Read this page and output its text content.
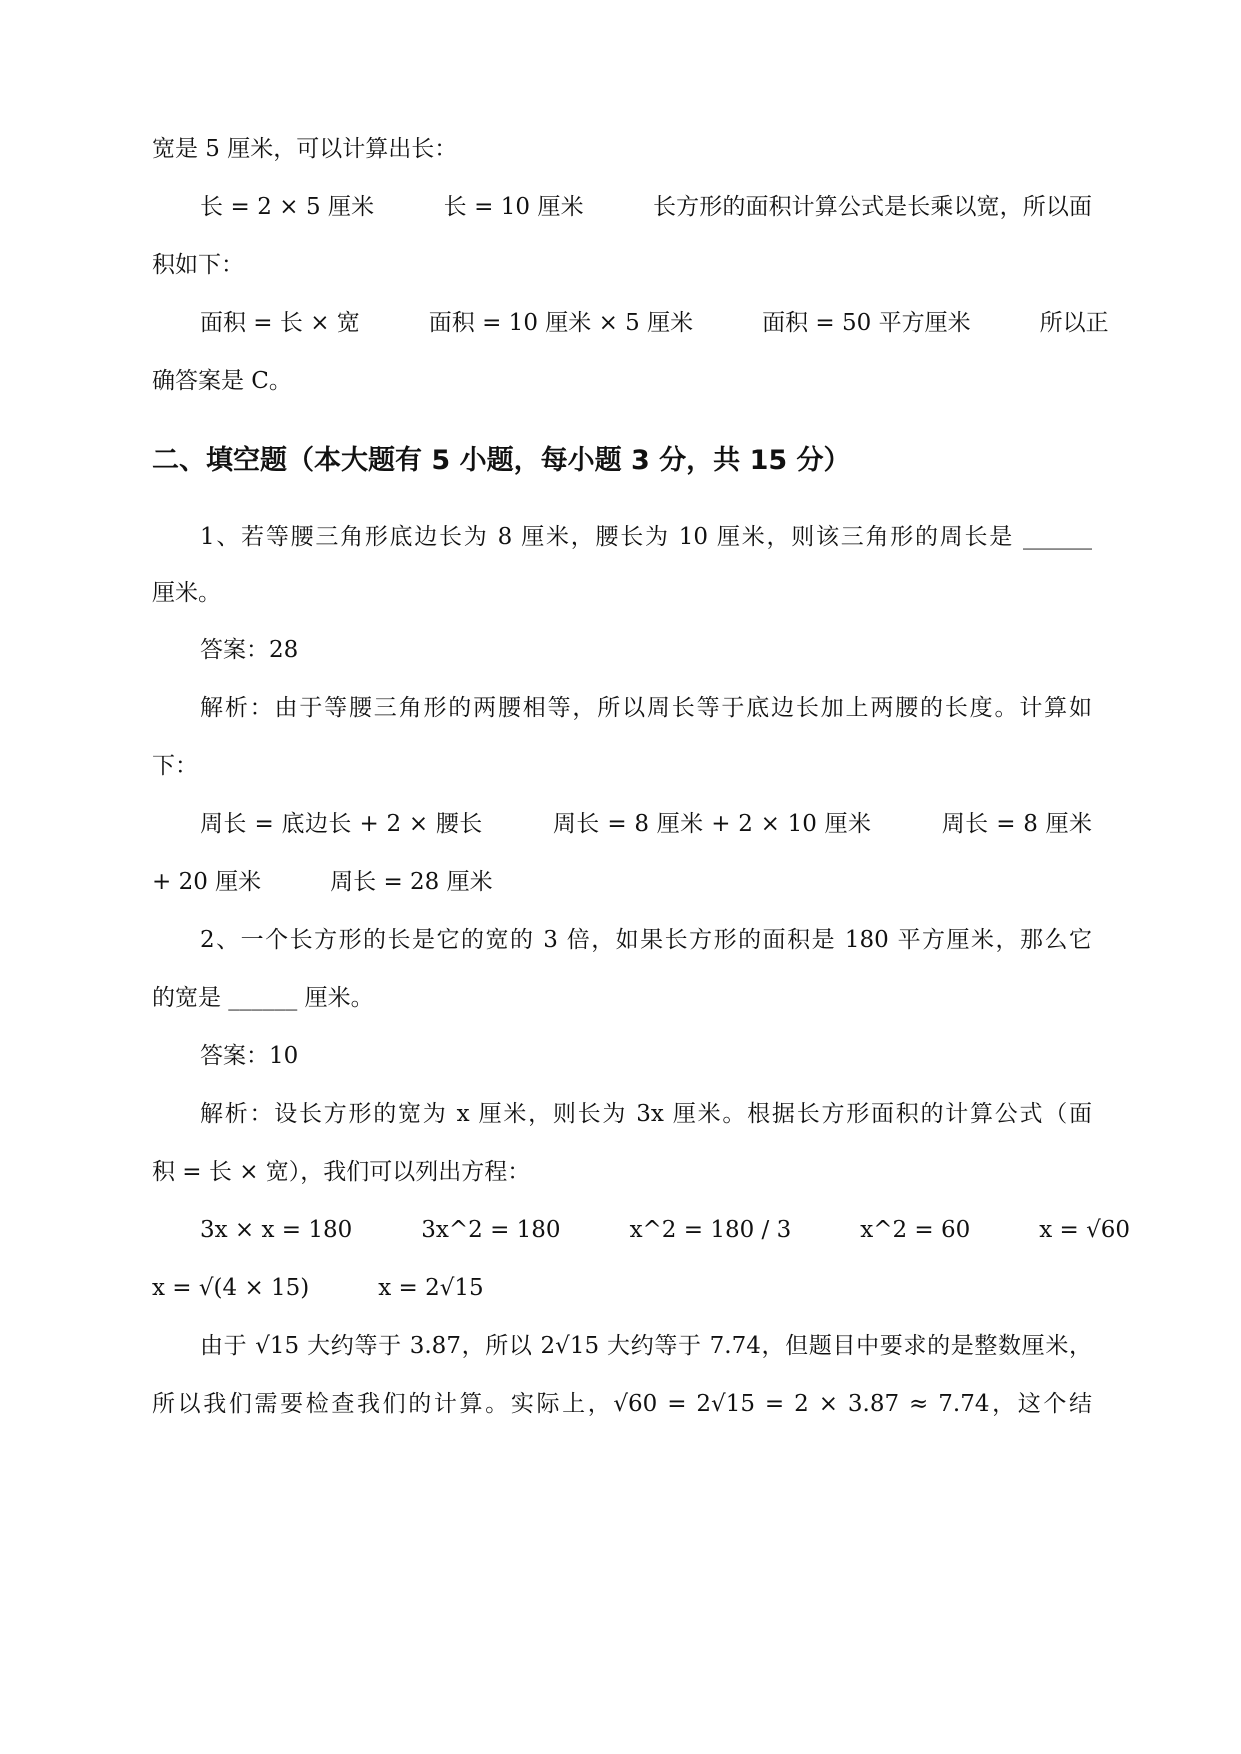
宽是 5 厘米，可以计算出长：
长 = 2 × 5 厘米　　　长 = 10 厘米　　　长方形的面积计算公式是长乘以宽，所以面
积如下：
面积 = 长 × 宽　　　面积 = 10 厘米 × 5 厘米　　　面积 = 50 平方厘米　　　所以正
确答案是 C。
二、填空题（本大题有 5 小题，每小题 3 分，共 15 分）
1、若等腰三角形底边长为 8 厘米，腰长为 10 厘米，则该三角形的周长是 ______
厘米。
答案：28
解析：由于等腰三角形的两腰相等，所以周长等于底边长加上两腰的长度。计算如
下：
周长 = 底边长 + 2 × 腰长　　　周长 = 8 厘米 + 2 × 10 厘米　　　周长 = 8 厘米
+ 20 厘米　　　周长 = 28 厘米
2、一个长方形的长是它的宽的 3 倍，如果长方形的面积是 180 平方厘米，那么它
的宽是 ______ 厘米。
答案：10
解析：设长方形的宽为 x 厘米，则长为 3x 厘米。根据长方形面积的计算公式（面
积 = 长 × 宽），我们可以列出方程：
3x × x = 180　　　3x^2 = 180　　　x^2 = 180 / 3　　　x^2 = 60　　　x = √60
x = √(4 × 15)　　　x = 2√15
由于 √15 大约等于 3.87，所以 2√15 大约等于 7.74，但题目中要求的是整数厘米，
所以我们需要检查我们的计算。实际上，√60 = 2√15 = 2 × 3.87 ≈ 7.74，这个结
